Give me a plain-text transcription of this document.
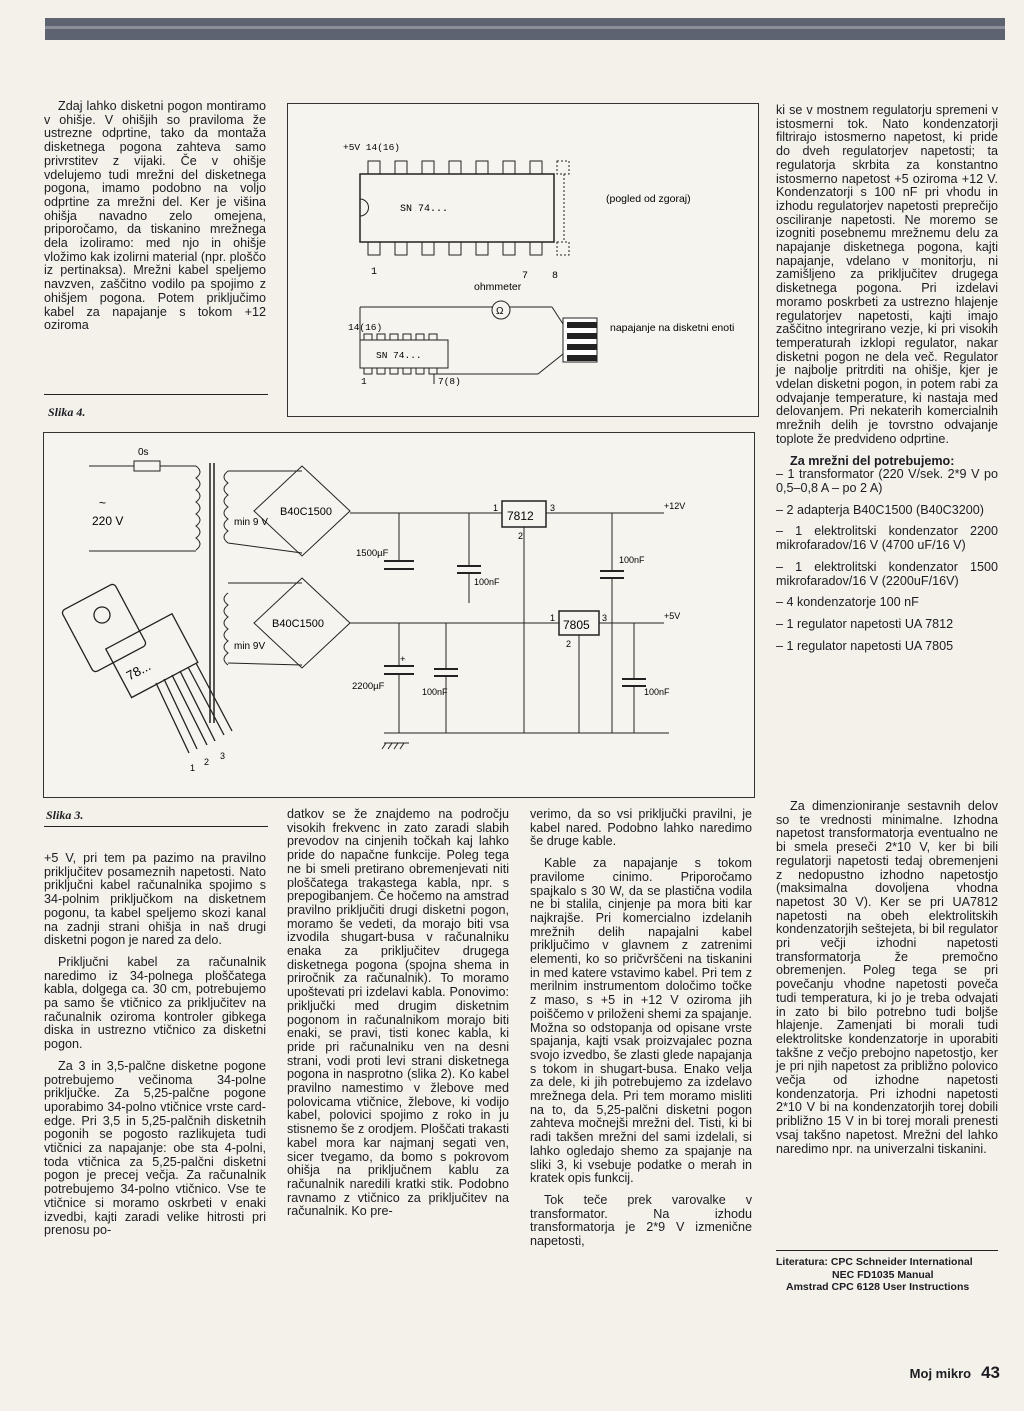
Zdaj lahko disketni pogon montiramo v ohišje. V ohišjih so praviloma že ustrezne odprtine, tako da montaža disketnega pogona zahteva samo privrstitev z vijaki. Če v ohišje vdelujemo tudi mrežni del disketnega pogona, imamo podobno na voljo odprtine za mrežni del. Ker je višina ohišja navadno zelo omejena, priporočamo, da tiskanino mrežnega dela izoliramo: med njo in ohišje vložimo kak izolirni material (npr. ploščo iz pertinaksa). Mrežni kabel speljemo navzven, zaščitno vodilo pa spojimo z ohišjem pogona. Potem priključimo kabel za napajanje s tokom +12 oziroma

Slika 4.
+5V 14(16)
SN 74...
1	7 8
(pogled od zgoraj)
ohmmeter
Ω
14(16)
SN 74...
1	7(8)
napajanje na disketni enoti
0s
~
220 V	min 9 V
min 9V
B40C1500
B40C1500
7812
1	3
2
+12V
1500µF
100nF
100nF
7805
1	3
2
+5V
2200µF
+
100nF	100nF
78...
1
2
3
Slika 3.

+5 V, pri tem pa pazimo na pravilno priključitev posameznih napetosti. Nato priključni kabel računalnika spojimo s 34-polnim priključkom na disketnem pogonu, ta kabel speljemo skozi kanal na zadnji strani ohišja in naš drugi disketni pogon je nared za delo.

Priključni kabel za računalnik naredimo iz 34-polnega ploščatega kabla, dolgega ca. 30 cm, potrebujemo pa samo še vtičnico za priključitev na računalnik oziroma kontroler gibkega diska in ustrezno vtičnico za disketni pogon.

Za 3 in 3,5-palčne disketne pogone potrebujemo večinoma 34-polne priključke. Za 5,25-palčne pogone uporabimo 34-polno vtičnice vrste card-edge. Pri 3,5 in 5,25-palčnih disketnih pogonih se pogosto razlikujeta tudi vtičnici za napajanje: obe sta 4-polni, toda vtičnica za 5,25-palčni disketni pogon je precej večja. Za računalnik potrebujemo 34-polno vtičnico. Vse te vtičnice si moramo oskrbeti v enaki izvedbi, kajti zaradi velike hitrosti pri prenosu po-

datkov se že znajdemo na področju visokih frekvenc in zato zaradi slabih prevodov na cinjenih točkah kaj lahko pride do napačne funkcije. Poleg tega ne bi smeli pretirano obremenjevati niti ploščatega trakastega kabla, npr. s prepogibanjem. Če hočemo na amstrad pravilno priključiti drugi disketni pogon, moramo še vedeti, da morajo biti vsa izvodila shugart-busa v računalniku enaka za priključitev drugega disketnega pogona (spojna shema in priročnik za računalnik). To moramo upoštevati pri izdelavi kabla. Ponovimo: priključki med drugim disketnim pogonom in računalnikom morajo biti enaki, se pravi, tisti konec kabla, ki pride pri računalniku ven na desni strani, vodi proti levi strani disketnega pogona in nasprotno (slika 2). Ko kabel pravilno namestimo v žlebove med polovicama vtičnice, žlebove, ki vodijo kabel, polovici spojimo z roko in ju stisnemo še z orodjem. Ploščati trakasti kabel mora kar najmanj segati ven, sicer tvegamo, da bomo s pokrovom ohišja na priključnem kablu za računalnik naredili kratki stik. Podobno ravnamo z vtičnico za priključitev na računalnik. Ko pre-

verimo, da so vsi priključki pravilni, je kabel nared. Podobno lahko naredimo še druge kable.

Kable za napajanje s tokom pravilome cinimo. Priporočamo spajkalo s 30 W, da se plastična vodila ne bi stalila, cinjenje pa mora biti kar najkrajše. Pri komercialno izdelanih mrežnih delih napajalni kabel priključimo v glavnem z zatrenimi elementi, ko so pričvrščeni na tiskanini in med katere vstavimo kabel. Pri tem z merilnim instrumentom določimo točke z maso, s +5 in +12 V oziroma jih poiščemo v priloženi shemi za spajanje. Možna so odstopanja od opisane vrste spajanja, kajti vsak proizvajalec pozna svojo izvedbo, še zlasti glede napajanja s tokom in shugart-busa. Enako velja za dele, ki jih potrebujemo za izdelavo mrežnega dela. Pri tem moramo misliti na to, da 5,25-palčni disketni pogon zahteva močnejši mrežni del. Tisti, ki bi radi takšen mrežni del sami izdelali, si lahko ogledajo shemo za spajanje na sliki 3, ki vsebuje podatke o merah in kratek opis funkcij.

Tok teče prek varovalke v transformator. Na izhodu transformatorja je 2*9 V izmenične napetosti,

ki se v mostnem regulatorju spremeni v istosmerni tok. Nato kondenzatorji filtrirajo istosmerno napetost, ki pride do dveh regulatorjev napetosti; ta regulatorja skrbita za konstantno istosmerno napetost +5 oziroma +12 V. Kondenzatorji s 100 nF pri vhodu in izhodu regulatorjev napetosti preprečijo osciliranje napetosti. Ne moremo se izogniti posebnemu mrežnemu delu za napajanje disketnega pogona, kajti napajanje, vdelano v monitorju, ni zamišljeno za priključitev drugega disketnega pogona. Pri izdelavi moramo poskrbeti za ustrezno hlajenje regulatorjev napetosti, kajti imajo zaščitno integrirano vezje, ki pri visokih temperaturah izklopi regulator, nakar disketni pogon ne dela več. Regulator je najbolje pritrditi na ohišje, kjer je vdelan disketni pogon, in potem rabi za odvajanje temperature, ki nastaja med delovanjem. Pri nekaterih komercialnih mrežnih delih je tovrstno odvajanje toplote že predvideno odprtine.

Za mrežni del potrebujemo:

– 1 transformator (220 V/sek. 2*9 V po 0,5–0,8 A – po 2 A)

– 2 adapterja B40C1500 (B40C3200)

– 1 elektrolitski kondenzator 2200 mikrofaradov/16 V (4700 uF/16 V)

– 1 elektrolitski kondenzator 1500 mikrofaradov/16 V (2200uF/16V)

– 4 kondenzatorje 100 nF

– 1 regulator napetosti UA 7812

– 1 regulator napetosti UA 7805

Za dimenzioniranje sestavnih delov so te vrednosti minimalne. Izhodna napetost transformatorja eventualno ne bi smela preseči 2*10 V, ker bi bili regulatorji napetosti tedaj obremenjeni z nedopustno izhodno napetostjo (maksimalna dovoljena vhodna napetost 30 V). Ker se pri UA7812 napetosti na obeh elektrolitskih kondenzatorjih seštejeta, bi bil regulator pri večji izhodni napetosti transformatorja že premočno obremenjen. Poleg tega se pri povečanju vhodne napetosti poveča tudi temperatura, ki jo je treba odvajati in zato bi bilo potrebno tudi boljše hlajenje. Zamenjati bi morali tudi elektrolitske kondenzatorje in uporabiti takšne z večjo prebojno napetostjo, ker je pri njih napetost za približno polovico večja od izhodne napetosti kondenzatorja. Pri izhodni napetosti 2*10 V bi na kondenzatorjih torej dobili približno 15 V in bi torej morali prenesti vsaj takšno napetost. Mrežni del lahko naredimo npr. na univerzalni tiskanini.

Literatura: CPC Schneider International
NEC FD1035 Manual
Amstrad CPC 6128 User Instructions
Moj mikro 43
